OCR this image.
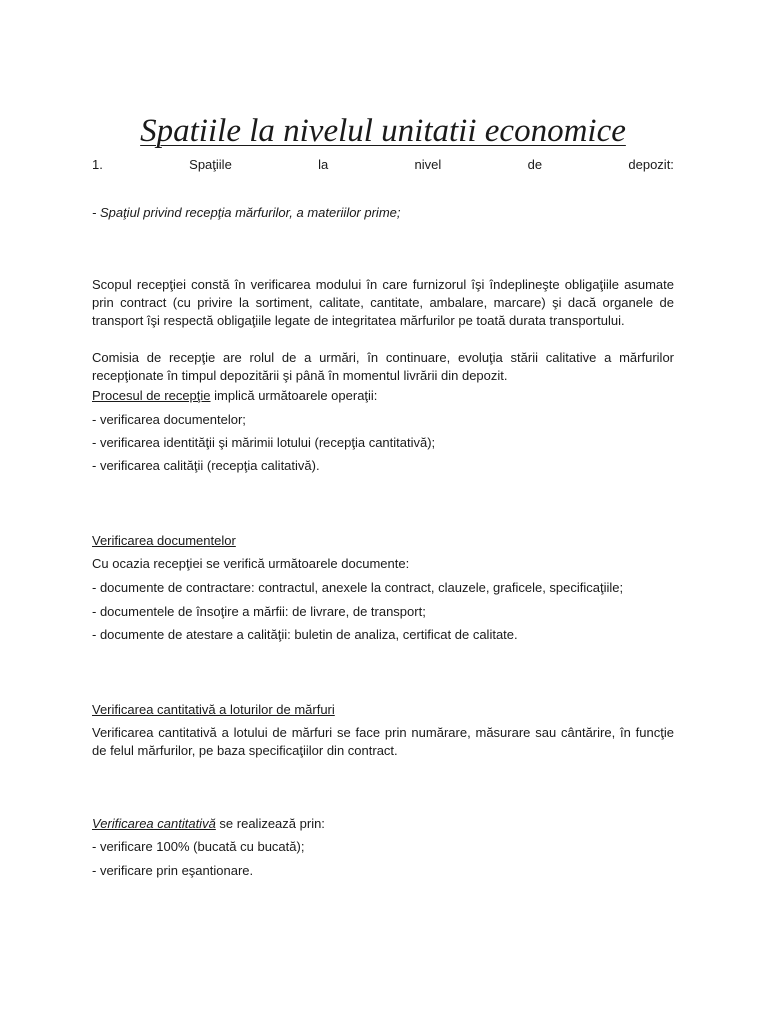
Spatiile la nivelul unitatii economice
1.	Spaţiile	la	nivel	de	depozit:
- Spaţiul privind recepţia mărfurilor, a materiilor prime;
Scopul recepţiei constă în verificarea modului în care furnizorul îşi îndeplineşte obligaţiile asumate prin contract (cu privire la sortiment, calitate, cantitate, ambalare, marcare) şi dacă organele de transport îşi respectă obligaţiile legate de integritatea mărfurilor pe toată durata transportului.
Comisia de recepţie are rolul de a urmări, în continuare, evoluţia stării calitative a mărfurilor recepţionate în timpul depozitării şi până în momentul livrării din depozit.
Procesul de recepţie implică următoarele operaţii:
- verificarea documentelor;
- verificarea identităţii şi mărimii lotului (recepţia cantitativă);
- verificarea calităţii (recepţia calitativă).
Verificarea documentelor
Cu ocazia recepţiei se verifică următoarele documente:
- documente de contractare: contractul, anexele la contract, clauzele, graficele, specificaţiile;
- documentele de însoţire a mărfii: de livrare, de transport;
- documente de atestare a calităţii: buletin de analiza, certificat de calitate.
Verificarea cantitativă a loturilor de mărfuri
Verificarea cantitativă a lotului de mărfuri se face prin numărare, măsurare sau cântărire, în funcţie de felul mărfurilor, pe baza specificaţiilor din contract.
Verificarea cantitativă se realizează prin:
- verificare 100% (bucată cu bucată);
- verificare prin eşantionare.
